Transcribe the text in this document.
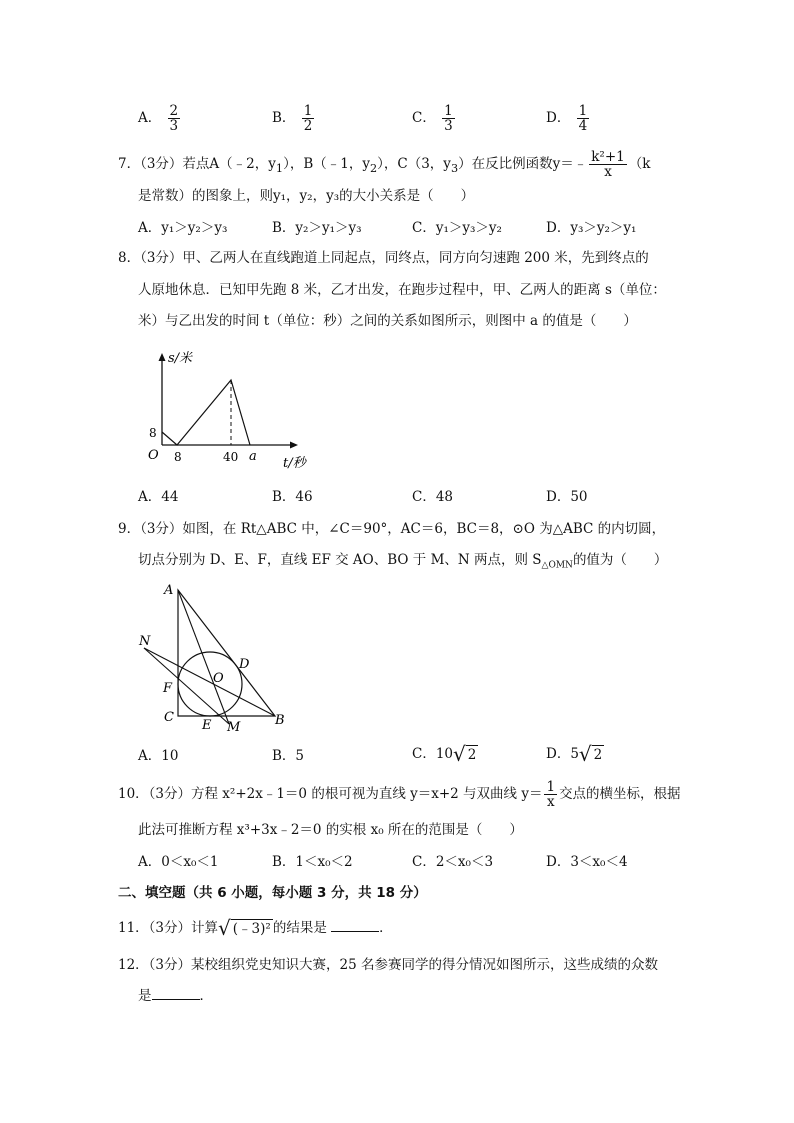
A． $\frac{2}{3}$	B． $\frac{1}{2}$	C． $\frac{1}{3}$	D． $\frac{1}{4}$
7．（3分）若点A（﹣2，$y_1$），B（﹣1，$y_2$），C（3，$y_3$）在反比例函数y＝﹣ $\frac{\text{k²+1}}{x} (k$
是常数）的图象上，则y₁，y₂，y₃的大小关系是（　　）
A．y₁＞y₂＞y₃	B．y₂＞y₁＞y₃	C．y₁＞y₃＞y₂	D．y₃＞y₂＞y₁
8．（3分）甲、乙两人在直线跑道上同起点，同终点，同方向匀速跑 200 米，先到终点的
人原地休息．已知甲先跑 8 米，乙才出发，在跑步过程中，甲、乙两人的距离 s（单位：
米）与乙出发的时间 t（单位：秒）之间的关系如图所示，则图中 a 的值是（　　）
s/米
8
O 8	40 a t/秒
A．44	B．46	C．48	D．50
9．（3分）如图，在 Rt△ABC 中，∠C＝90°，AC＝6，BC＝8，⊙O 为△ABC 的内切圆，
切点分别为 D、E、F，直线 EF 交 AO、BO 于 M、N 两点，则 $S_{\triangle OMN}$的值为（　　）
A
N
D
O
F
C
E M	B
A．10	B．5	C．10 √ 2	D．5 √ 2
10．（3分）方程 x²+2x﹣1＝0 的根可视为直线 y＝x+2 与双曲线 $y= \frac{1}{x}$ 交点的横坐标，根据
此法可推断方程 x³+3x﹣2＝0 的实根 x₀ 所在的范围是（　　）
A．0＜x₀＜1	B．1＜x₀＜2	C．2＜x₀＜3	D．3＜x₀＜4
二、填空题（共 6 小题，每小题 3 分，共 18 分）
11．（3分）计算 √ (﹣3)² 的结果是	．
12．（3分）某校组织党史知识大赛，25 名参赛同学的得分情况如图所示，这些成绩的众数
是	．
